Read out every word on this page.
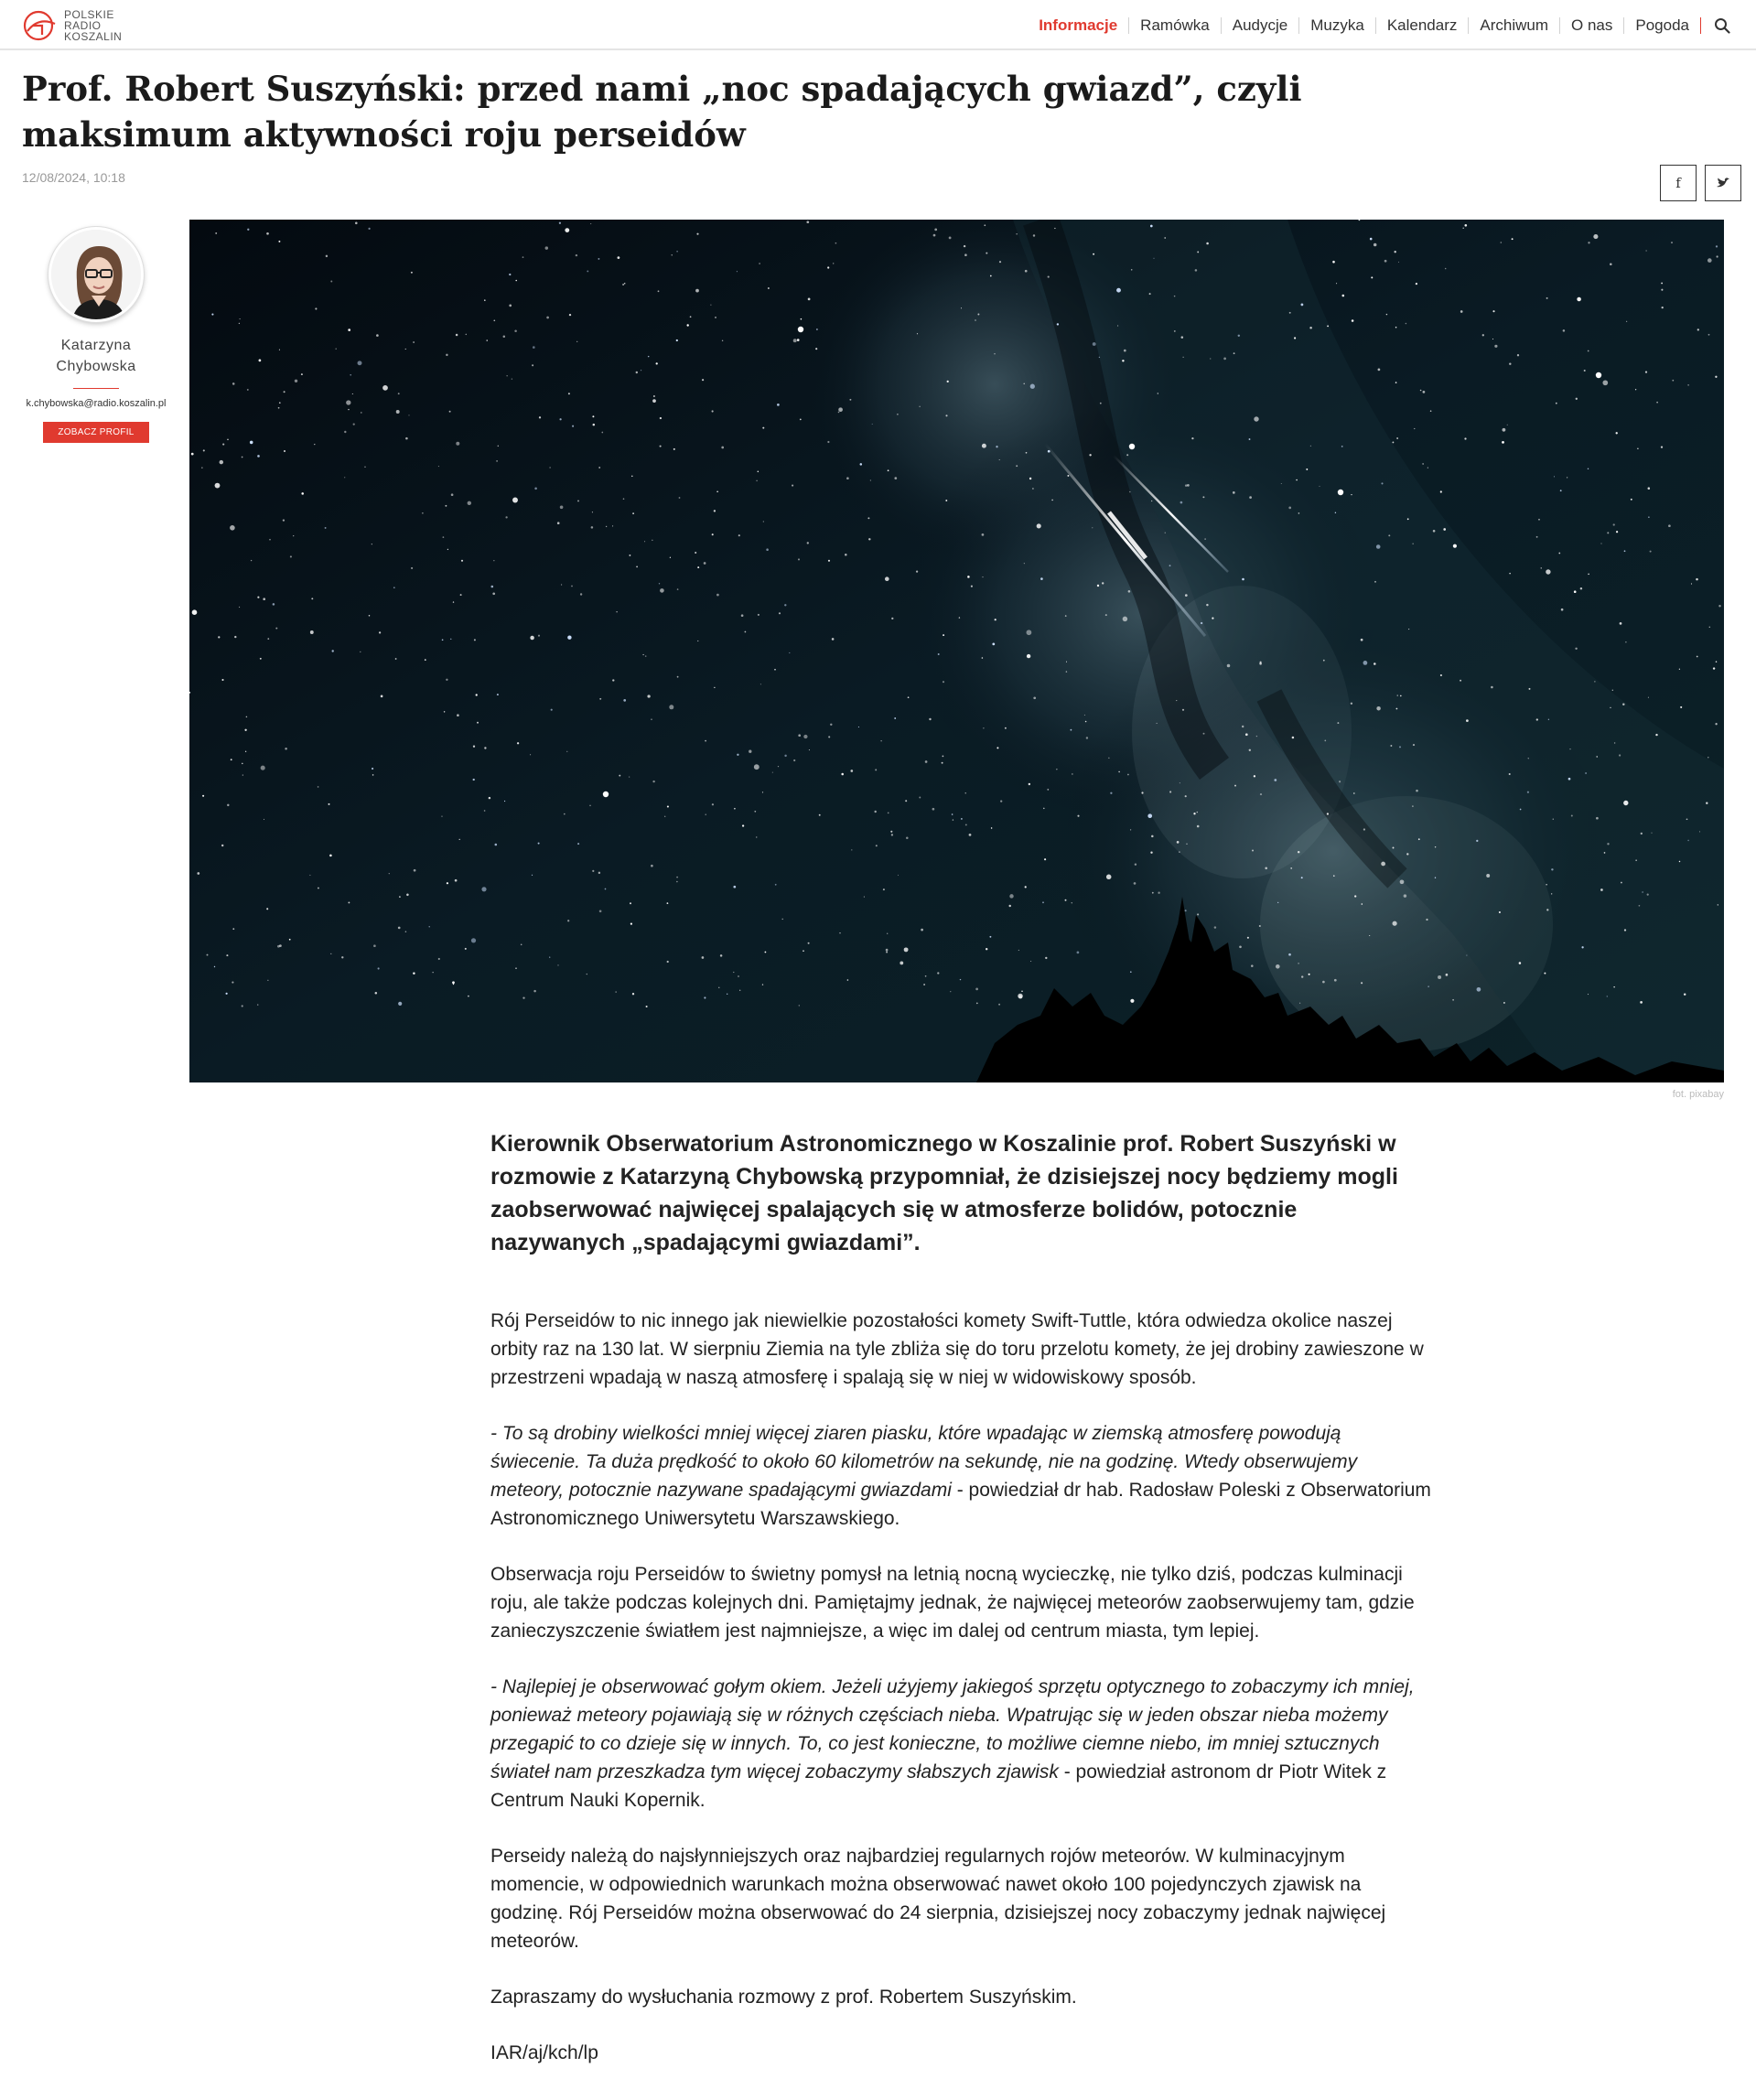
POLSKIE
RADIO
KOSZALIN
Informacje	Ramówka	Audycje	Muzyka	Kalendarz	Archiwum	O nas	Pogoda
Prof. Robert Suszyński: przed nami „noc spadających gwiazd”, czyli maksimum aktywności roju perseidów
12/08/2024, 10:18	f
Katarzyna
Chybowska
k.chybowska@radio.koszalin.pl
ZOBACZ PROFIL
fot. pixabay

Kierownik Obserwatorium Astronomicznego w Koszalinie prof. Robert Suszyński w rozmowie z Katarzyną Chybowską przypomniał, że dzisiejszej nocy będziemy mogli zaobserwować najwięcej spalających się w atmosferze bolidów, potocznie nazywanych „spadającymi gwiazdami”.

Rój Perseidów to nic innego jak niewielkie pozostałości komety Swift-Tuttle, która odwiedza okolice naszej orbity raz na 130 lat. W sierpniu Ziemia na tyle zbliża się do toru przelotu komety, że jej drobiny zawieszone w przestrzeni wpadają w naszą atmosferę i spalają się w niej w widowiskowy sposób.

- To są drobiny wielkości mniej więcej ziaren piasku, które wpadając w ziemską atmosferę powodują świecenie. Ta duża prędkość to około 60 kilometrów na sekundę, nie na godzinę. Wtedy obserwujemy meteory, potocznie nazywane spadającymi gwiazdami - powiedział dr hab. Radosław Poleski z Obserwatorium Astronomicznego Uniwersytetu Warszawskiego.

Obserwacja roju Perseidów to świetny pomysł na letnią nocną wycieczkę, nie tylko dziś, podczas kulminacji roju, ale także podczas kolejnych dni. Pamiętajmy jednak, że najwięcej meteorów zaobserwujemy tam, gdzie zanieczyszczenie światłem jest najmniejsze, a więc im dalej od centrum miasta, tym lepiej.

- Najlepiej je obserwować gołym okiem. Jeżeli użyjemy jakiegoś sprzętu optycznego to zobaczymy ich mniej, ponieważ meteory pojawiają się w różnych częściach nieba. Wpatrując się w jeden obszar nieba możemy przegapić to co dzieje się w innych. To, co jest konieczne, to możliwe ciemne niebo, im mniej sztucznych świateł nam przeszkadza tym więcej zobaczymy słabszych zjawisk - powiedział astronom dr Piotr Witek z Centrum Nauki Kopernik.

Perseidy należą do najsłynniejszych oraz najbardziej regularnych rojów meteorów. W kulminacyjnym momencie, w odpowiednich warunkach można obserwować nawet około 100 pojedynczych zjawisk na godzinę. Rój Perseidów można obserwować do 24 sierpnia, dzisiejszej nocy zobaczymy jednak najwięcej meteorów.

Zapraszamy do wysłuchania rozmowy z prof. Robertem Suszyńskim.

IAR/aj/kch/lp
